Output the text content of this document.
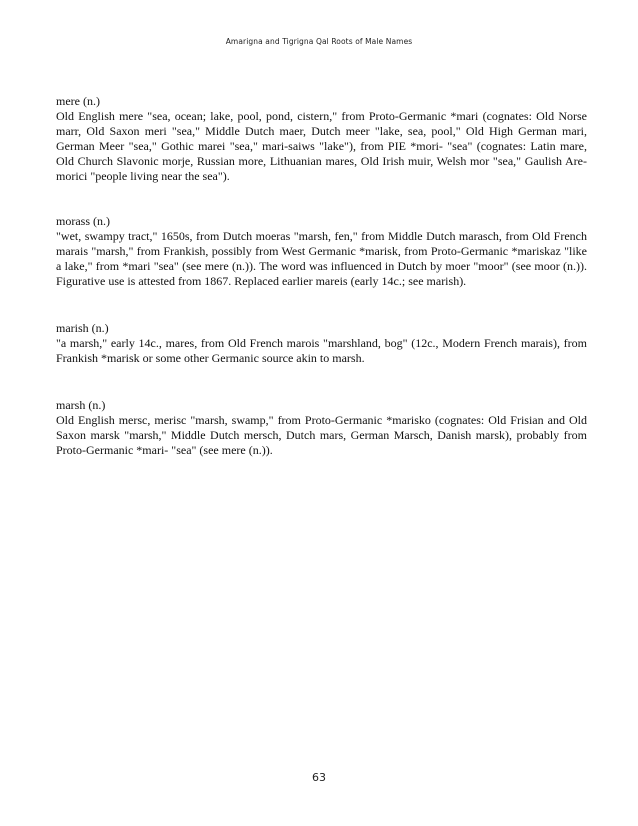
Amarigna and Tigrigna Qal Roots of Male Names
mere (n.)

Old English mere "sea, ocean; lake, pool, pond, cistern," from Proto-Germanic *mari (cognates: Old Norse marr, Old Saxon meri "sea," Middle Dutch maer, Dutch meer "lake, sea, pool," Old High German mari, German Meer "sea," Gothic marei "sea," mari-saiws "lake"), from PIE *mori- "sea" (cognates: Latin mare, Old Church Slavonic morje, Russian more, Lithuanian mares, Old Irish muir, Welsh mor "sea," Gaulish Are-morici "people living near the sea").

morass (n.)

"wet, swampy tract," 1650s, from Dutch moeras "marsh, fen," from Middle Dutch marasch, from Old French marais "marsh," from Frankish, possibly from West Germanic *marisk, from Proto-Germanic *mariskaz "like a lake," from *mari "sea" (see mere (n.)). The word was influenced in Dutch by moer "moor" (see moor (n.)). Figurative use is attested from 1867. Replaced earlier mareis (early 14c.; see marish).

marish (n.)

"a marsh," early 14c., mares, from Old French marois "marshland, bog" (12c., Modern French marais), from Frankish *marisk or some other Germanic source akin to marsh.

marsh (n.)

Old English mersc, merisc "marsh, swamp," from Proto-Germanic *marisko (cognates: Old Frisian and Old Saxon marsk "marsh," Middle Dutch mersch, Dutch mars, German Marsch, Danish marsk), probably from Proto-Germanic *mari- "sea" (see mere (n.)).

63
